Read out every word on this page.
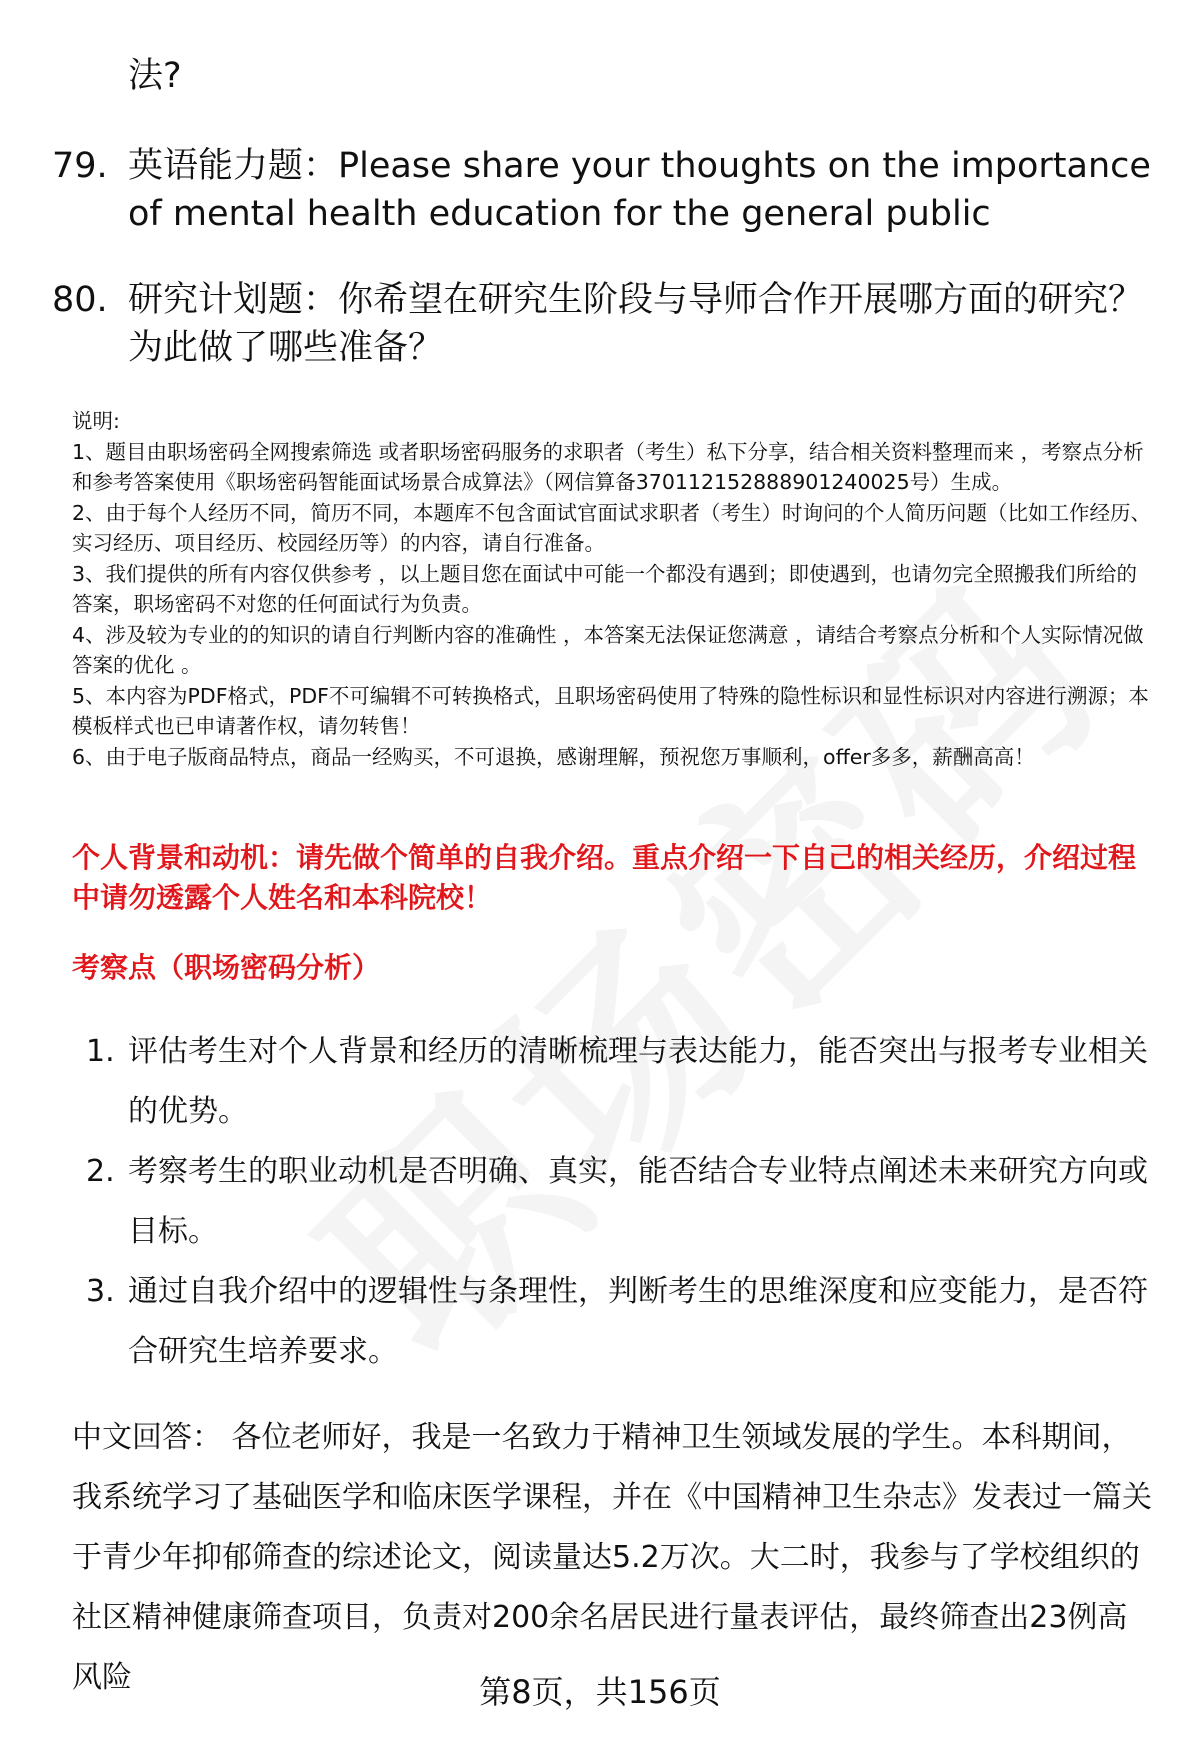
法?
79. 英语能力题：Please share your thoughts on the importance of mental health education for the general public
80. 研究计划题：你希望在研究生阶段与导师合作开展哪方面的研究？为此做了哪些准备？

说明:

1、题目由职场密码全网搜索筛选 或者职场密码服务的求职者（考生）私下分享，结合相关资料整理而来 ，考察点分析和参考答案使用《职场密码智能面试场景合成算法》（网信算备370112152888901240025号）生成。

2、由于每个人经历不同，简历不同，本题库不包含面试官面试求职者（考生）时询问的个人简历问题（比如工作经历、实习经历、项目经历、校园经历等）的内容，请自行准备。

3、我们提供的所有内容仅供参考 ，以上题目您在面试中可能一个都没有遇到；即使遇到，也请勿完全照搬我们所给的答案，职场密码不对您的任何面试行为负责。

4、涉及较为专业的的知识的请自行判断内容的准确性 ，本答案无法保证您满意 ，请结合考察点分析和个人实际情况做答案的优化 。

5、本内容为PDF格式，PDF不可编辑不可转换格式，且职场密码使用了特殊的隐性标识和显性标识对内容进行溯源；本模板样式也已申请著作权，请勿转售！

6、由于电子版商品特点，商品一经购买，不可退换，感谢理解，预祝您万事顺利，offer多多，薪酬高高！

个人背景和动机：请先做个简单的自我介绍。重点介绍一下自己的相关经历，介绍过程中请勿透露个人姓名和本科院校！
考察点（职场密码分析）
1. 评估考生对个人背景和经历的清晰梳理与表达能力，能否突出与报考专业相关的优势。
2. 考察考生的职业动机是否明确、真实，能否结合专业特点阐述未来研究方向或目标。
3. 通过自我介绍中的逻辑性与条理性，判断考生的思维深度和应变能力，是否符合研究生培养要求。
中文回答： 各位老师好，我是一名致力于精神卫生领域发展的学生。本科期间，我系统学习了基础医学和临床医学课程，并在《中国精神卫生杂志》发表过一篇关于青少年抑郁筛查的综述论文，阅读量达5.2万次。大二时，我参与了学校组织的社区精神健康筛查项目，负责对200余名居民进行量表评估，最终筛查出23例高风险	第8页，共156页
